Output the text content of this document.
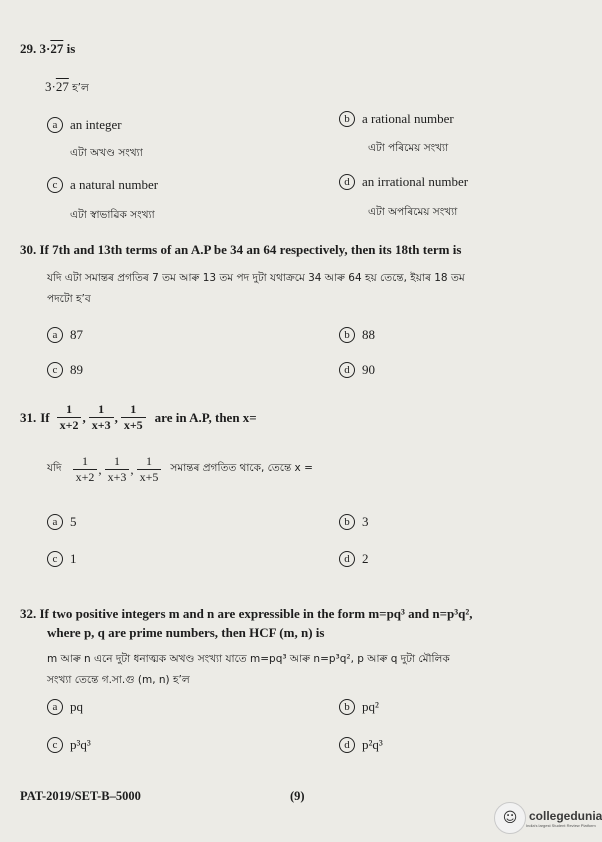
29. 3·27 is
3·27 হ’ল
a an integer
এটা অখণ্ড সংখ্যা
b a rational number
এটা পৰিমেয় সংখ্যা
c a natural number
এটা স্বাভাৱিক সংখ্যা
d an irrational number
এটা অপৰিমেয় সংখ্যা
30. If 7th and 13th terms of an A.P be 34 an 64 respectively, then its 18th term is
যদি এটা সমান্তৰ প্ৰগতিৰ 7 তম আৰু 13 তম পদ দুটা যথাক্ৰমে 34 আৰু 64 হয় তেন্তে, ইয়াৰ 18 তম
পদটো হ’ব
a 87	b 88
c 89	d 90
31. If $\frac{1}{x+2}$ , $\frac{1}{x+3}$ , $\frac{1}{x+5}$ are in A.P, then x=
যদি $\frac{1}{x+2}$ , $\frac{1}{x+3}$ , $\frac{1}{x+5}$ সমান্তৰ প্ৰগতিত থাকে, তেন্তে x =
a 5	b 3
c 1	d 2
32. If two positive integers m and n are expressible in the form m=pq³ and n=p³q²,
where p, q are prime numbers, then HCF (m, n) is
m আৰু n এনে দুটা ধনাত্মক অখণ্ড সংখ্যা যাতে m=pq³ আৰু n=p³q², p আৰু q দুটা মৌলিক
সংখ্যা তেন্তে গ.সা.গু (m, n) হ’ল
a pq	b pq²
c p³q³	d p²q³
PAT-2019/SET-B–5000	(9)
☺ collegedunia
India's largest Student Review Platform
